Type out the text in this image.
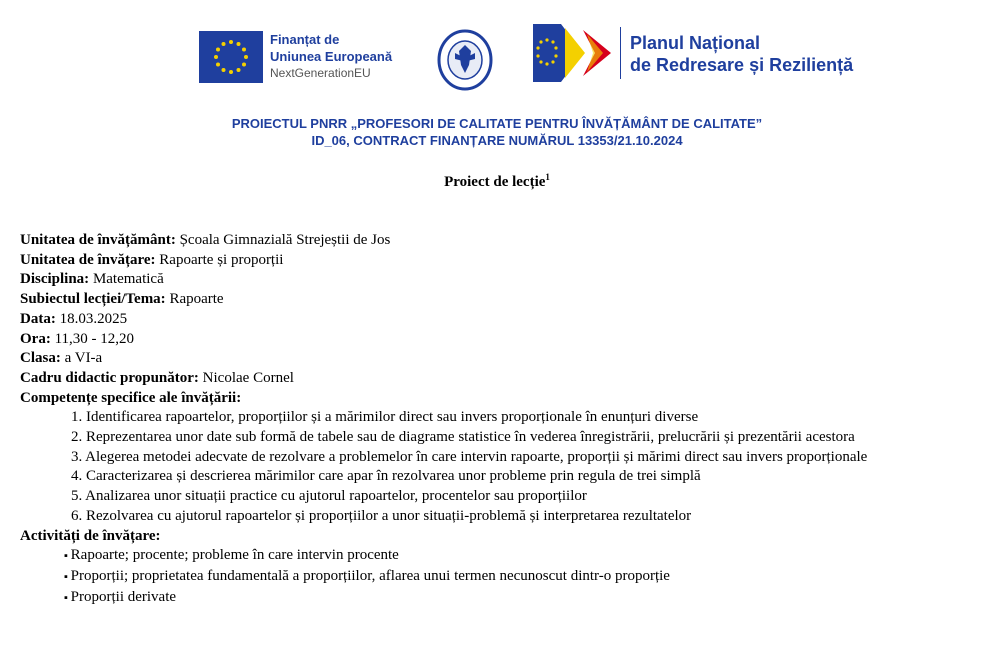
Finanțat de
Uniunea Europeană
NextGenerationEU
Planul Național
de Redresare și Reziliență
PROIECTUL PNRR „PROFESORI DE CALITATE PENTRU ÎNVĂȚĂMÂNT DE CALITATE”
ID_06, CONTRACT FINANȚARE NUMĂRUL 13353/21.10.2024
Proiect de lecție$^1$
Unitatea de învățământ: Școala Gimnazială Strejeștii de Jos
Unitatea de învățare: Rapoarte și proporții
Disciplina: Matematică
Subiectul lecției/Tema: Rapoarte
Data: 18.03.2025
Ora: 11,30 - 12,20
Clasa: a VI-a
Cadru didactic propunător: Nicolae Cornel
Competențe specifice ale învățării:
1. Identificarea rapoartelor, proporțiilor și a mărimilor direct sau invers proporționale în enunțuri diverse
2. Reprezentarea unor date sub formă de tabele sau de diagrame statistice în vederea înregistrării, prelucrării și prezentării acestora
3. Alegerea metodei adecvate de rezolvare a problemelor în care intervin rapoarte, proporții și mărimi direct sau invers proporționale
4. Caracterizarea și descrierea mărimilor care apar în rezolvarea unor probleme prin regula de trei simplă
5. Analizarea unor situații practice cu ajutorul rapoartelor, procentelor sau proporțiilor
6. Rezolvarea cu ajutorul rapoartelor și proporțiilor a unor situații-problemă și interpretarea rezultatelor
Activități de învățare:
▪ Rapoarte; procente; probleme în care intervin procente
▪ Proporții; proprietatea fundamentală a proporțiilor, aflarea unui termen necunoscut dintr-o proporție
▪ Proporții derivate
